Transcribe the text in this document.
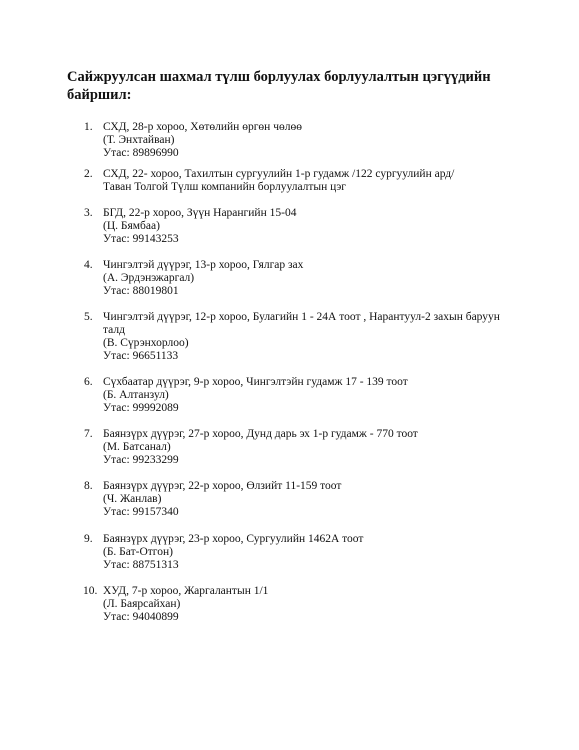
Сайжруулсан шахмал түлш борлуулах борлуулалтын цэгүүдийн байршил:
1. СХД, 28-р хороо, Хөтөлийн өргөн чөлөө
(Т. Энхтайван)
Утас: 89896990
2. СХД, 22- хороо, Тахилтын сургуулийн 1-р гудамж /122 сургуулийн ард/
Таван Толгой Түлш компанийн борлуулалтын цэг
3. БГД, 22-р хороо, Зүүн Нарангийн 15-04
(Ц. Бямбаа)
Утас: 99143253
4. Чингэлтэй дүүрэг, 13-р хороо, Гялгар зах
(А. Эрдэнэжаргал)
Утас: 88019801
5. Чингэлтэй дүүрэг, 12-р хороо, Булагийн 1 - 24А тоот , Нарантуул-2 захын баруун
талд
(В. Сүрэнхорлоо)
Утас: 96651133
6. Сүхбаатар дүүрэг, 9-р хороо, Чингэлтэйн гудамж 17 - 139 тоот
(Б. Алтанзул)
Утас: 99992089
7. Баянзүрх дүүрэг, 27-р хороо, Дунд дарь эх 1-р гудамж - 770 тоот
(М. Батсанал)
Утас: 99233299
8. Баянзүрх дүүрэг, 22-р хороо, Өлзийт 11-159 тоот
(Ч. Жанлав)
Утас: 99157340
9. Баянзүрх дүүрэг, 23-р хороо, Сургуулийн 1462А тоот
(Б. Бат-Отгон)
Утас: 88751313
10. ХУД, 7-р хороо, Жаргалантын 1/1
(Л. Баярсайхан)
Утас: 94040899
